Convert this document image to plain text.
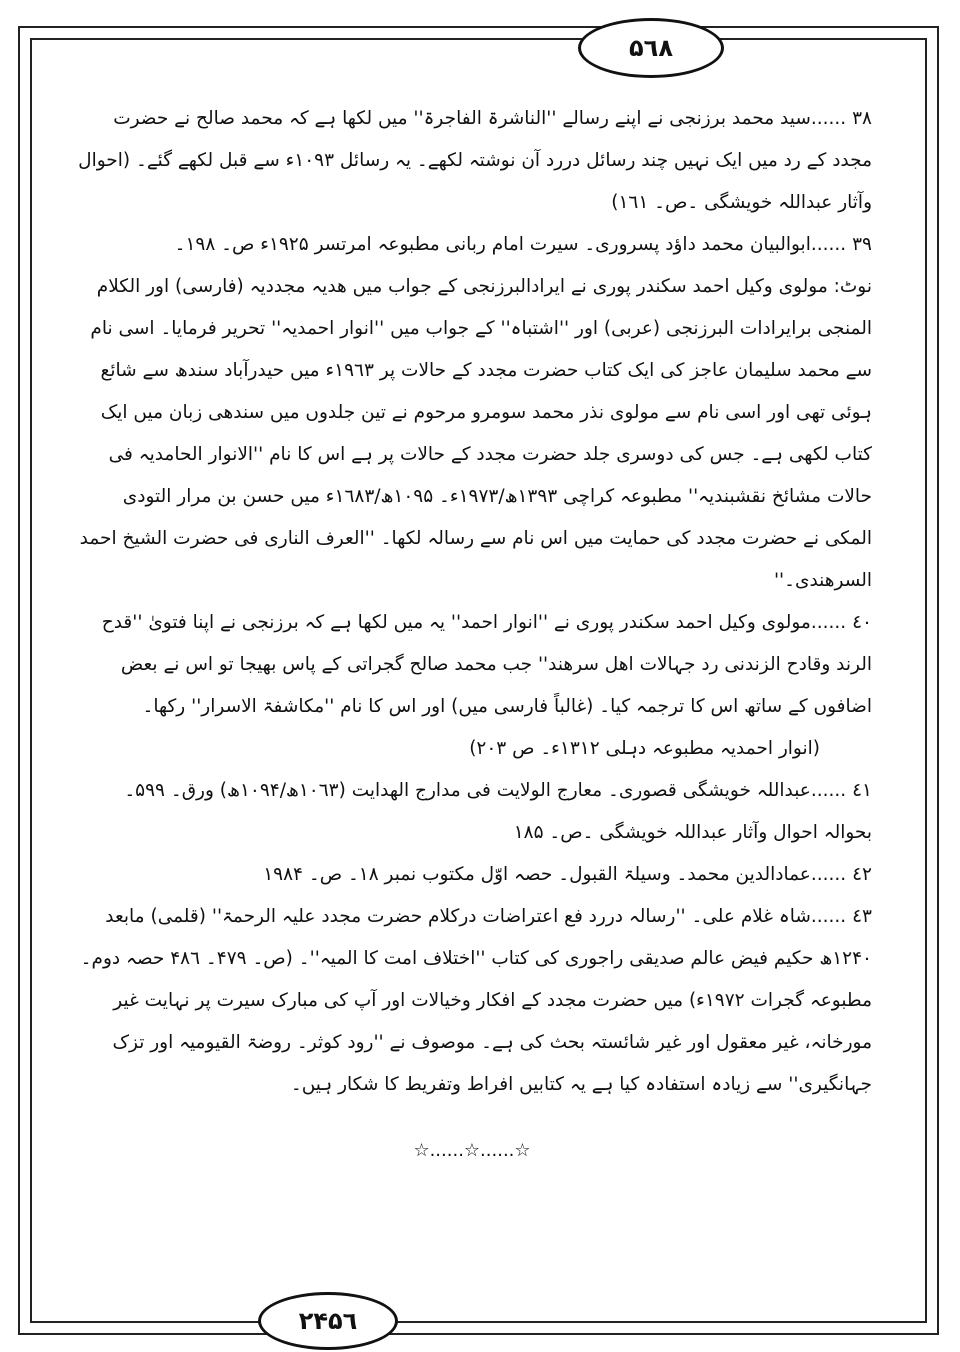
۵٦۸

٣٨......سید محمد برزنجی نے اپنے رسالے ''الناشرۃ الفاجرۃ'' میں لکھا ہے کہ محمد صالح نے حضرت مجدد کے رد میں ایک نہیں چند رسائل دررد آن نوشتہ لکھے۔ یہ رسائل ۱۰۹۳ء سے قبل لکھے گئے۔ (احوال وآثار عبداللہ خویشگی ۔ص۔ ۱٦۱)

٣٩......ابوالبیان محمد داؤد پسروری۔ سیرت امام ربانی مطبوعہ امرتسر ۱۹۲۵ء ص۔ ۱۹۸۔

نوٹ: مولوی وکیل احمد سکندر پوری نے ایرادالبرزنجی کے جواب میں ھدیہ مجددیہ (فارسی) اور الکلام المنجی برایرادات البرزنجی (عربی) اور ''اشتباہ'' کے جواب میں ''انوار احمدیہ'' تحریر فرمایا۔ اسی نام سے محمد سلیمان عاجز کی ایک کتاب حضرت مجدد کے حالات پر ۱۹٦۳ء میں حیدرآباد سندھ سے شائع ہوئی تھی اور اسی نام سے مولوی نذر محمد سومرو مرحوم نے تین جلدوں میں سندھی زبان میں ایک کتاب لکھی ہے۔ جس کی دوسری جلد حضرت مجدد کے حالات پر ہے اس کا نام ''الانوار الحامدیہ فی حالات مشائخ نقشبندیہ'' مطبوعہ کراچی ۱۳۹۳ھ/۱۹۷۳ء۔ ۱۰۹۵ھ/۱٦۸۳ء میں حسن بن مرار التودی المکی نے حضرت مجدد کی حمایت میں اس نام سے رسالہ لکھا۔ ''العرف الناری فی حضرت الشیخ احمد السرھندی۔''

٤٠......مولوی وکیل احمد سکندر پوری نے ''انوار احمد'' یہ میں لکھا ہے کہ برزنجی نے اپنا فتویٰ ''قدح الرند وقادح الزندنی رد جہالات اھل سرھند'' جب محمد صالح گجراتی کے پاس بھیجا تو اس نے بعض اضافوں کے ساتھ اس کا ترجمہ کیا۔ (غالباً فارسی میں) اور اس کا نام ''مکاشفۃ الاسرار'' رکھا۔

(انوار احمدیہ مطبوعہ دہلی ۱۳۱۲ء۔ ص ۲۰۳)

٤١......عبداللہ خویشگی قصوری۔ معارج الولایت فی مدارج الھدایت (۱۰٦۳ھ/۱۰۹۴ھ) ورق۔ ۵۹۹۔ بحوالہ احوال وآثار عبداللہ خویشگی ۔ص۔ ۱۸۵

٤٢......عمادالدین محمد۔ وسیلۃ القبول۔ حصہ اوّل مکتوب نمبر ۱۸۔ ص۔ ۱۹۸۴

٤٣......شاہ غلام علی۔ ''رسالہ دررد فع اعتراضات درکلام حضرت مجدد علیہ الرحمۃ'' (قلمی) مابعد ۱۲۴۰ھ حکیم فیض عالم صدیقی راجوری کی کتاب ''اختلاف امت کا المیہ''۔ (ص۔ ۴۷۹۔ ۴۸٦ حصہ دوم۔ مطبوعہ گجرات ۱۹۷۲ء) میں حضرت مجدد کے افکار وخیالات اور آپ کی مبارک سیرت پر نہایت غیر مورخانہ، غیر معقول اور غیر شائستہ بحث کی ہے۔ موصوف نے ''رود کوثر۔ روضۃ القیومیہ اور تزک جہانگیری'' سے زیادہ استفادہ کیا ہے یہ کتابیں افراط وتفریط کا شکار ہیں۔

☆......☆......☆
۲۴۵٦
